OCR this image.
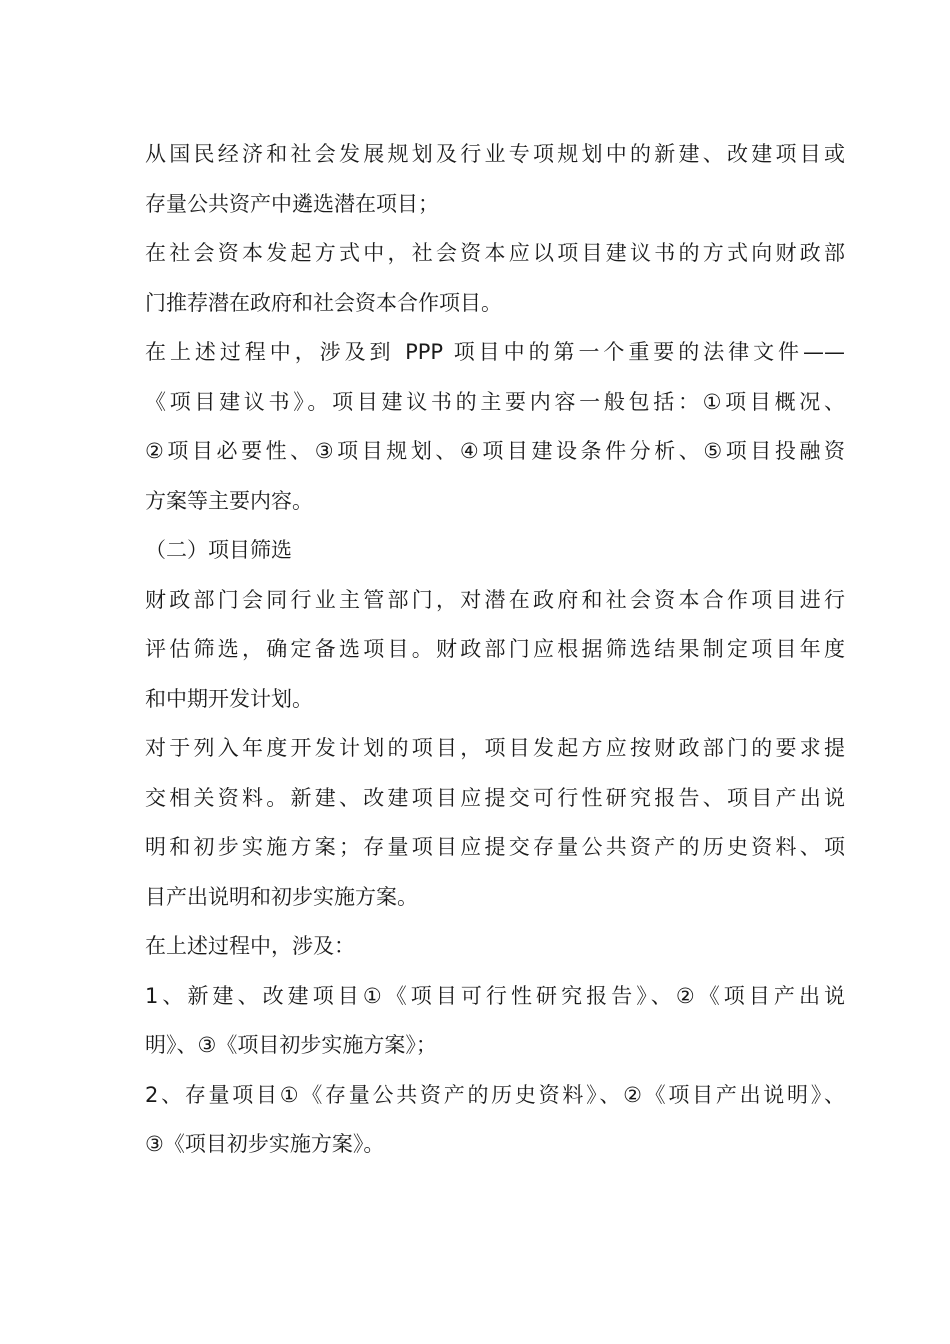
从国民经济和社会发展规划及行业专项规划中的新建、改建项目或
存量公共资产中遴选潜在项目；
在社会资本发起方式中，社会资本应以项目建议书的方式向财政部
门推荐潜在政府和社会资本合作项目。
在上述过程中，涉及到 PPP 项目中的第一个重要的法律文件——
《项目建议书》。项目建议书的主要内容一般包括：①项目概况、
②项目必要性、③项目规划、④项目建设条件分析、⑤项目投融资
方案等主要内容。
（二）项目筛选
财政部门会同行业主管部门，对潜在政府和社会资本合作项目进行
评估筛选，确定备选项目。财政部门应根据筛选结果制定项目年度
和中期开发计划。
对于列入年度开发计划的项目，项目发起方应按财政部门的要求提
交相关资料。新建、改建项目应提交可行性研究报告、项目产出说
明和初步实施方案；存量项目应提交存量公共资产的历史资料、项
目产出说明和初步实施方案。
在上述过程中，涉及：
1、新建、改建项目①《项目可行性研究报告》、②《项目产出说
明》、③《项目初步实施方案》；
2、存量项目①《存量公共资产的历史资料》、②《项目产出说明》、
③《项目初步实施方案》。
